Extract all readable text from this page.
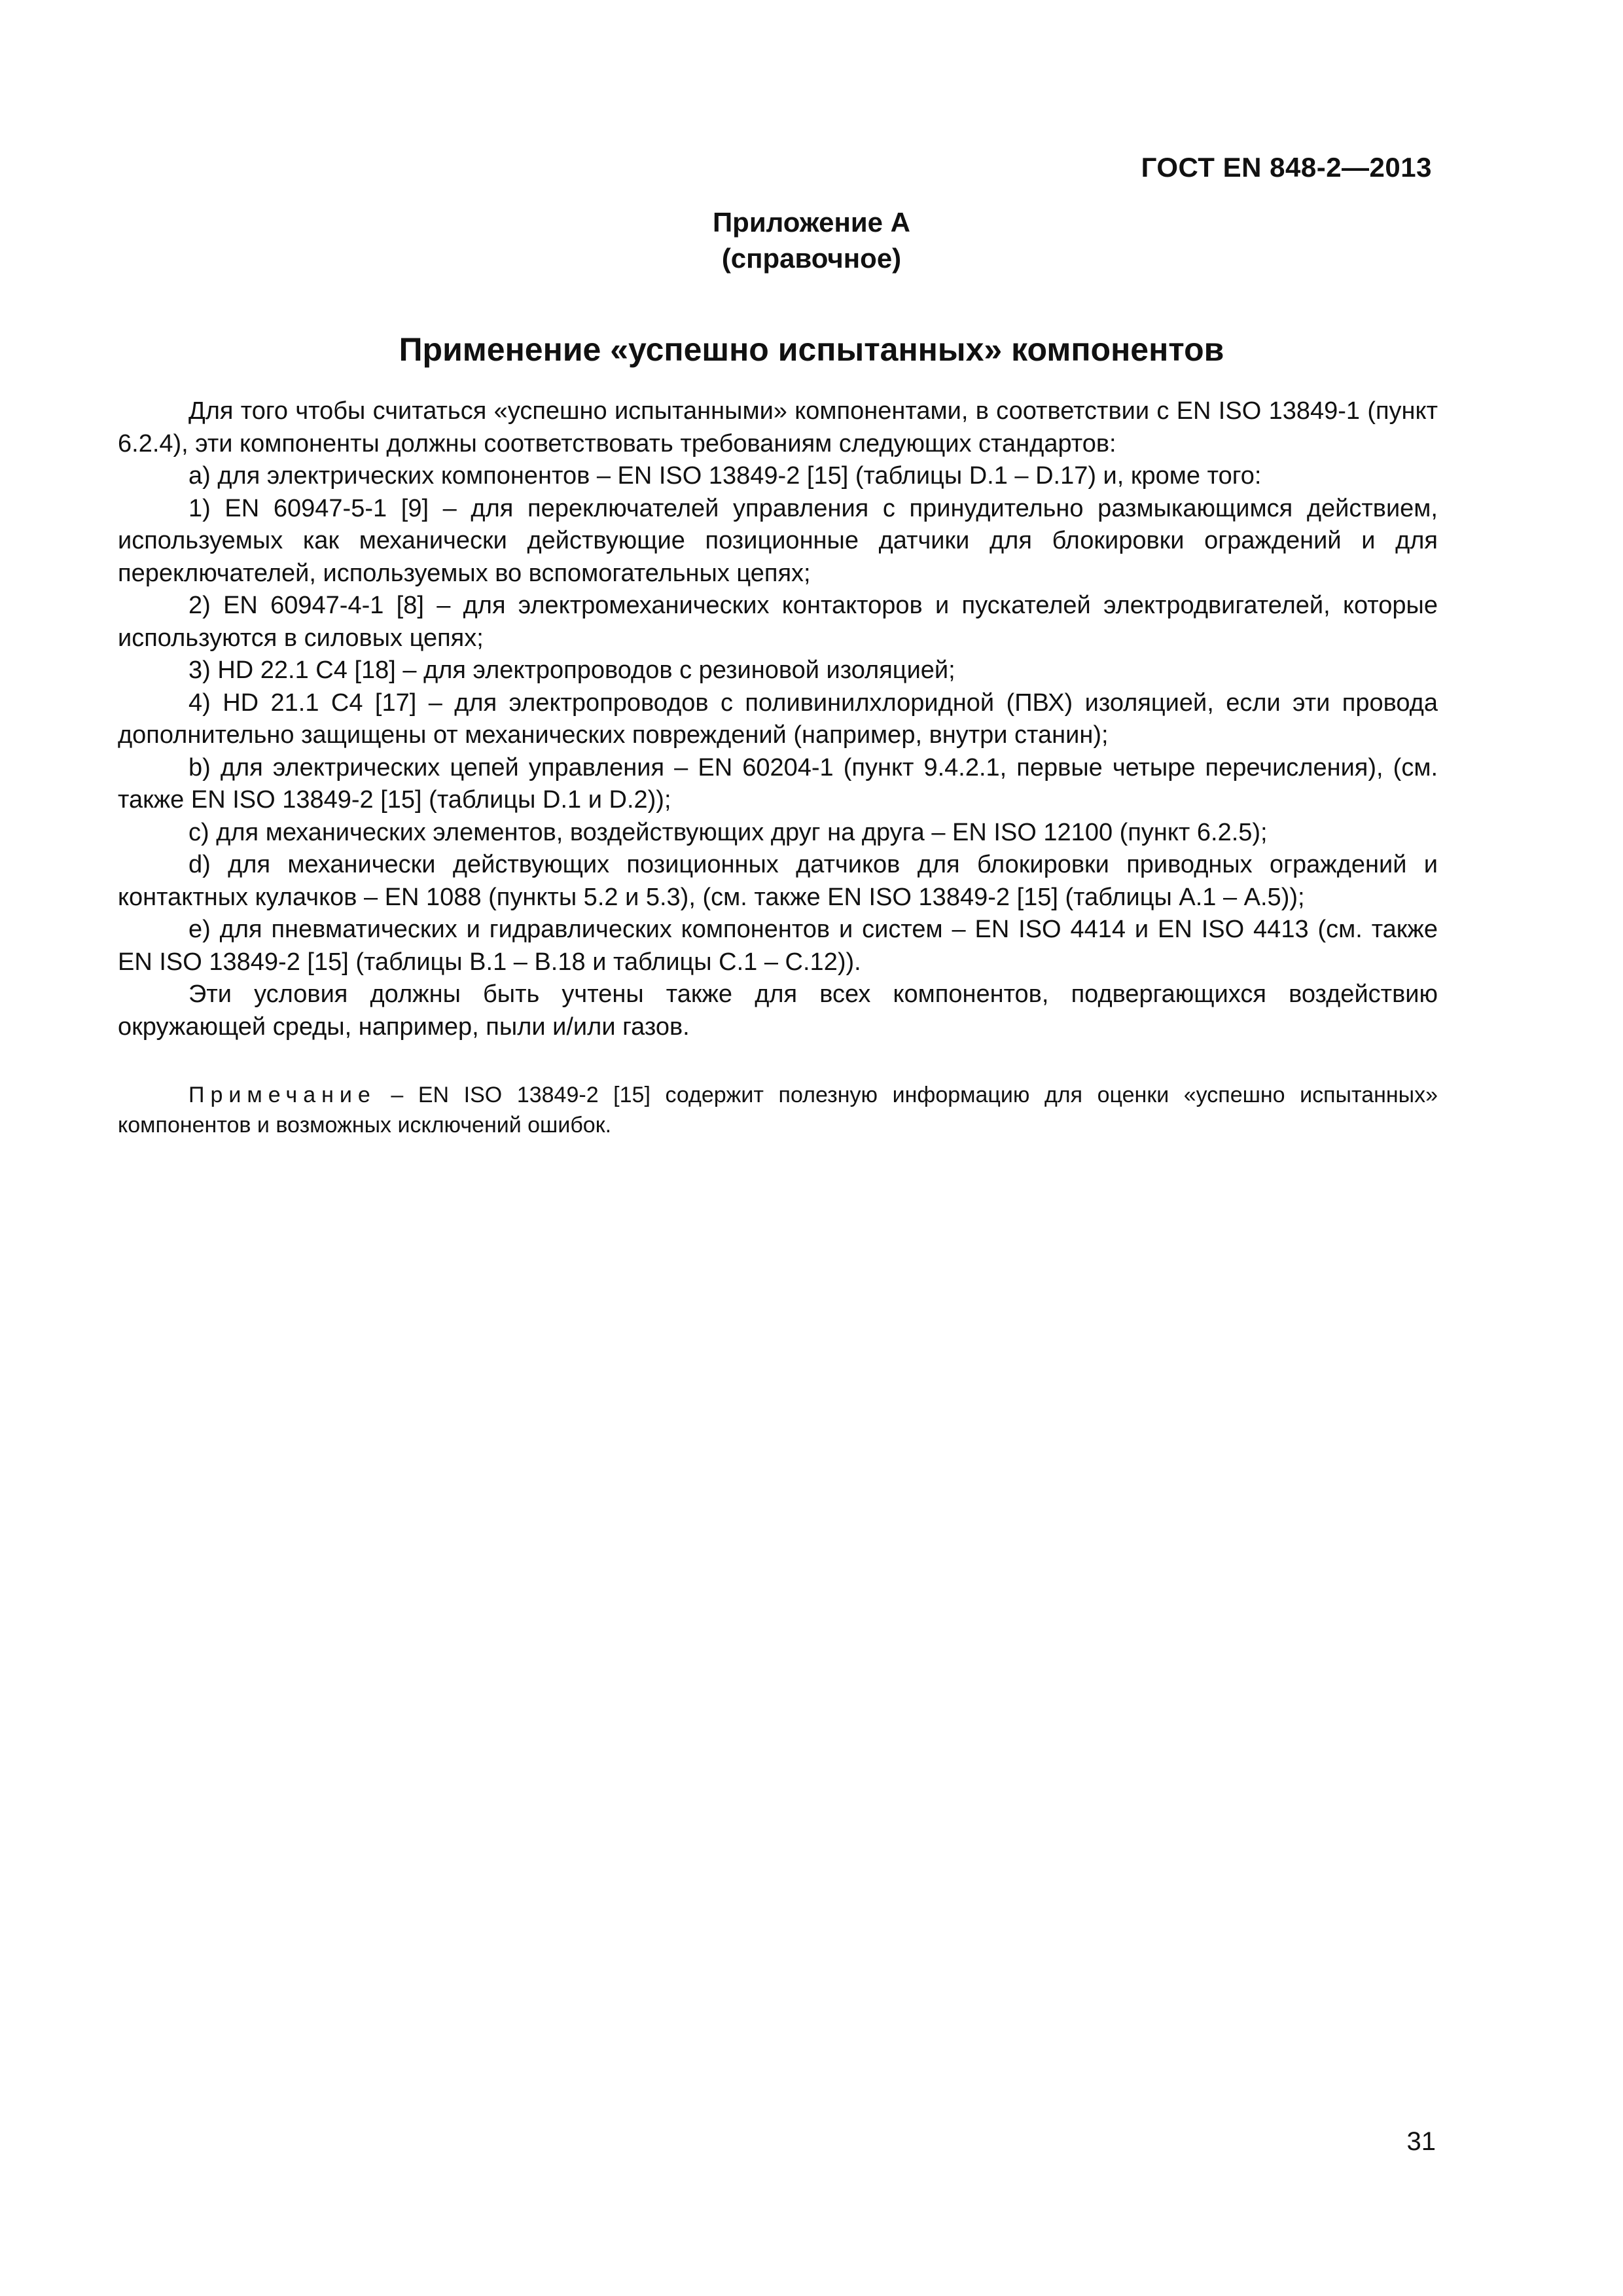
ГОСТ EN 848-2—2013
Приложение А
(справочное)
Применение «успешно испытанных» компонентов

Для того чтобы считаться «успешно испытанными» компонентами, в соответствии с EN ISO 13849-1 (пункт 6.2.4), эти компоненты должны соответствовать требованиям следующих стандартов:

a) для электрических компонентов – EN ISO 13849-2 [15] (таблицы D.1 – D.17) и, кроме того:

1) EN 60947-5-1 [9] – для переключателей управления с принудительно размыкающимся действием, используемых как механически действующие позиционные датчики для блокировки ограждений и для переключателей, используемых во вспомогательных цепях;

2) EN 60947-4-1 [8] – для электромеханических контакторов и пускателей электродвигателей, которые используются в силовых цепях;

3) HD 22.1 C4 [18] – для электропроводов с резиновой изоляцией;

4) HD 21.1 C4 [17] – для электропроводов с поливинилхлоридной (ПВХ) изоляцией, если эти провода дополнительно защищены от механических повреждений (например, внутри станин);

b) для электрических цепей управления – EN 60204-1 (пункт 9.4.2.1, первые четыре перечисления), (см. также EN ISO 13849-2 [15] (таблицы D.1 и D.2));

c) для механических элементов, воздействующих друг на друга – EN ISO 12100 (пункт 6.2.5);

d) для механически действующих позиционных датчиков для блокировки приводных ограждений и контактных кулачков – EN 1088 (пункты 5.2 и 5.3), (см. также EN ISO 13849-2 [15] (таблицы А.1 – А.5));

e) для пневматических и гидравлических компонентов и систем – EN ISO 4414 и EN ISO 4413 (см. также EN ISO 13849-2 [15] (таблицы В.1 – В.18 и таблицы С.1 – С.12)).

Эти условия должны быть учтены также для всех компонентов, подвергающихся воздействию окружающей среды, например, пыли и/или газов.

Примечание – EN ISO 13849-2 [15] содержит полезную информацию для оценки «успешно испытанных» компонентов и возможных исключений ошибок.

31
